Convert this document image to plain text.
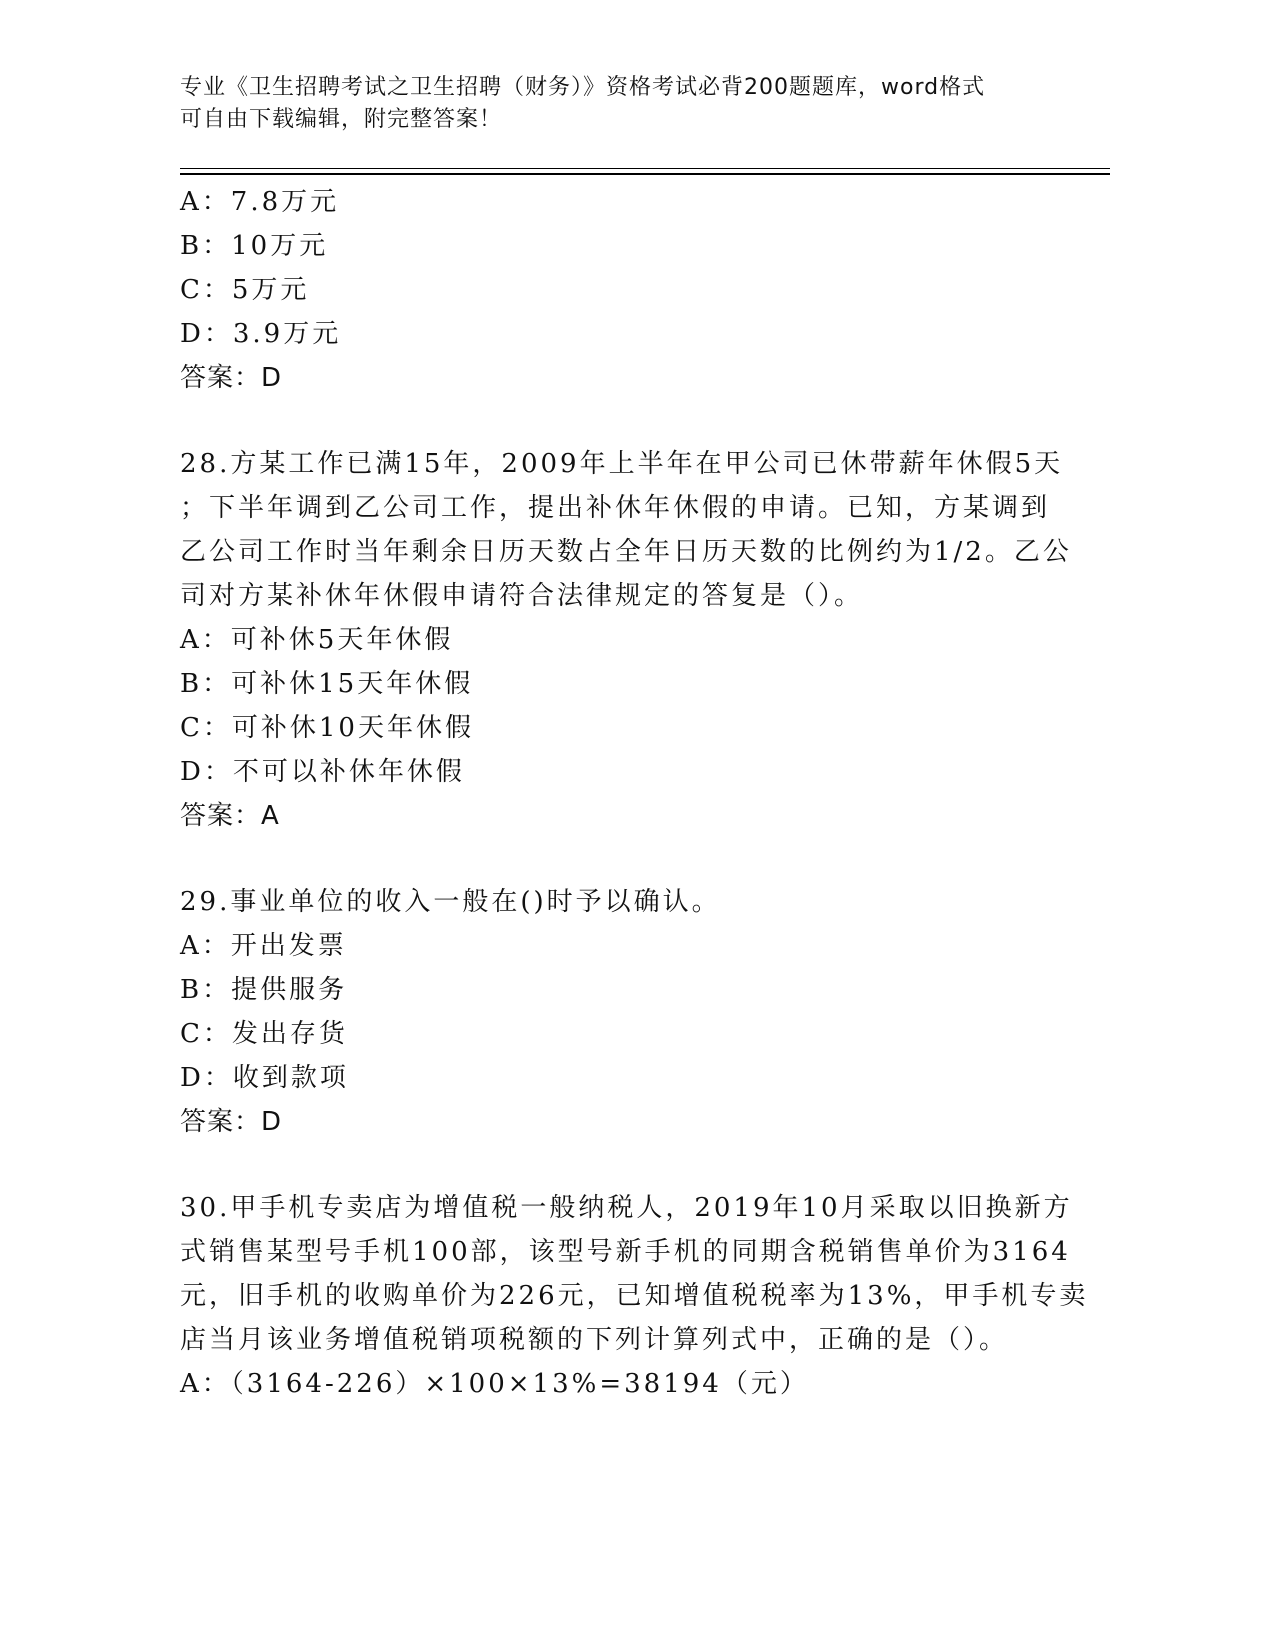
专业《卫生招聘考试之卫生招聘（财务）》资格考试必背200题题库，word格式
可自由下载编辑，附完整答案！
A：7.8万元
B：10万元
C：5万元
D：3.9万元
答案：D
28.方某工作已满15年，2009年上半年在甲公司已休带薪年休假5天
；下半年调到乙公司工作，提出补休年休假的申请。已知，方某调到
乙公司工作时当年剩余日历天数占全年日历天数的比例约为1/2。乙公
司对方某补休年休假申请符合法律规定的答复是（）。
A：可补休5天年休假
B：可补休15天年休假
C：可补休10天年休假
D：不可以补休年休假
答案：A
29.事业单位的收入一般在()时予以确认。
A：开出发票
B：提供服务
C：发出存货
D：收到款项
答案：D
30.甲手机专卖店为增值税一般纳税人，2019年10月采取以旧换新方
式销售某型号手机100部，该型号新手机的同期含税销售单价为3164
元，旧手机的收购单价为226元，已知增值税税率为13%，甲手机专卖
店当月该业务增值税销项税额的下列计算列式中，正确的是（）。
A：（3164-226）×100×13%=38194（元）
